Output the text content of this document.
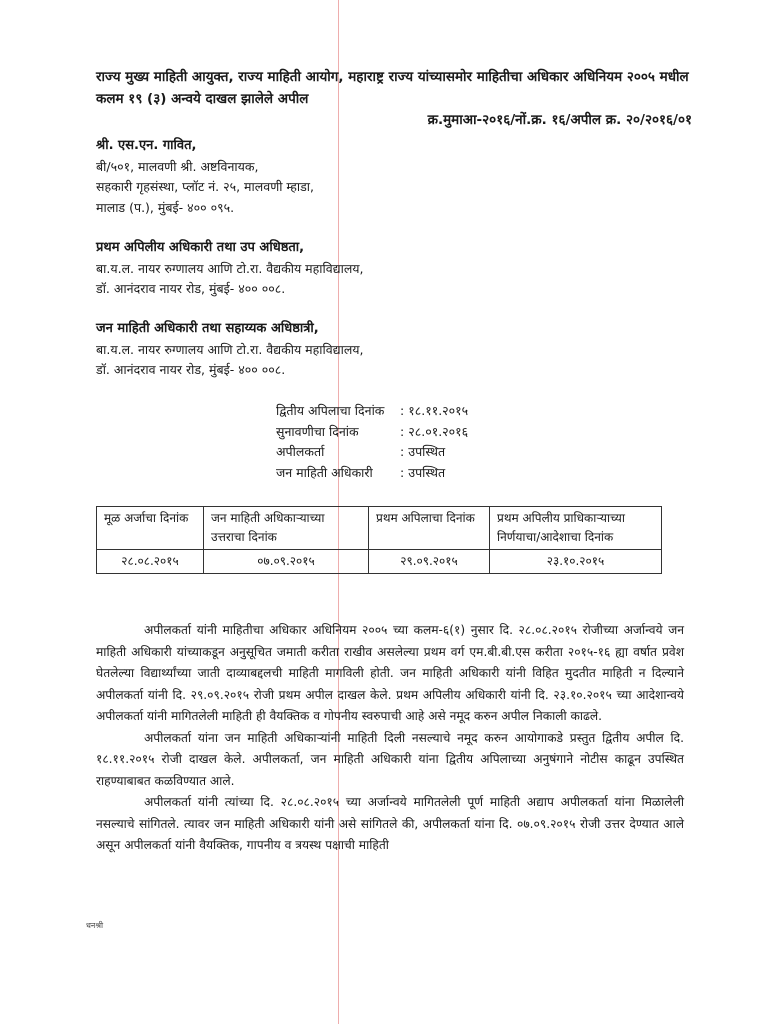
राज्य मुख्य माहिती आयुक्त, राज्य माहिती आयोग, महाराष्ट्र राज्य यांच्यासमोर माहितीचा अधिकार अधिनियम २००५ मधील कलम १९ (३) अन्वये दाखल झालेले अपील
क्र.मुमाआ-२०१६/नों.क्र. १६/अपील क्र. २०/२०१६/०१
श्री. एस.एन. गावित,
बी/५०१, मालवणी श्री. अष्टविनायक,
सहकारी गृहसंस्था, प्लॉट नं. २५, मालवणी म्हाडा,
मालाड (प.), मुंबई- ४०० ०९५.
प्रथम अपिलीय अधिकारी तथा उप अधिष्ठता,
बा.य.ल. नायर रुग्णालय आणि टो.रा. वैद्यकीय महाविद्यालय,
डॉ. आनंदराव नायर रोड, मुंबई- ४०० ००८.
जन माहिती अधिकारी तथा सहाय्यक अधिष्ठात्री,
बा.य.ल. नायर रुग्णालय आणि टो.रा. वैद्यकीय महाविद्यालय,
डॉ. आनंदराव नायर रोड, मुंबई- ४०० ००८.
द्वितीय अपिलाचा दिनांक	: १८.११.२०१५
सुनावणीचा दिनांक	: २८.०१.२०१६
अपीलकर्ता	: उपस्थित
जन माहिती अधिकारी	: उपस्थित
मूळ अर्जाचा दिनांक	जन माहिती अधिकाऱ्याच्या उत्तराचा दिनांक	प्रथम अपिलाचा दिनांक	प्रथम अपिलीय प्राधिकाऱ्याच्या निर्णयाचा/आदेशाचा दिनांक
२८.०८.२०१५	०७.०९.२०१५	२९.०९.२०१५	२३.१०.२०१५

अपीलकर्ता यांनी माहितीचा अधिकार अधिनियम २००५ च्या कलम-६(१) नुसार दि. २८.०८.२०१५ रोजीच्या अर्जान्वये जन माहिती अधिकारी यांच्याकडून अनुसूचित जमाती करीता राखीव असलेल्या प्रथम वर्ग एम.बी.बी.एस करीता २०१५-१६ ह्या वर्षात प्रवेश घेतलेल्या विद्यार्थ्यांच्या जाती दाव्याबद्दलची माहिती मागविली होती. जन माहिती अधिकारी यांनी विहित मुदतीत माहिती न दिल्याने अपीलकर्ता यांनी दि. २९.०९.२०१५ रोजी प्रथम अपील दाखल केले. प्रथम अपिलीय अधिकारी यांनी दि. २३.१०.२०१५ च्या आदेशान्वये अपीलकर्ता यांनी मागितलेली माहिती ही वैयक्तिक व गोपनीय स्वरुपाची आहे असे नमूद करुन अपील निकाली काढले.

अपीलकर्ता यांना जन माहिती अधिकाऱ्यांनी माहिती दिली नसल्याचे नमूद करुन आयोगाकडे प्रस्तुत द्वितीय अपील दि. १८.११.२०१५ रोजी दाखल केले. अपीलकर्ता, जन माहिती अधिकारी यांना द्वितीय अपिलाच्या अनुषंगाने नोटीस काढून उपस्थित राहण्याबाबत कळविण्यात आले.

अपीलकर्ता यांनी त्यांच्या दि. २८.०८.२०१५ च्या अर्जान्वये मागितलेली पूर्ण माहिती अद्याप अपीलकर्ता यांना मिळालेली नसल्याचे सांगितले. त्यावर जन माहिती अधिकारी यांनी असे सांगितले की, अपीलकर्ता यांना दि. ०७.०९.२०१५ रोजी उत्तर देण्यात आले असून अपीलकर्ता यांनी वैयक्तिक, गापनीय व त्रयस्थ पक्षाची माहिती

धनश्री
